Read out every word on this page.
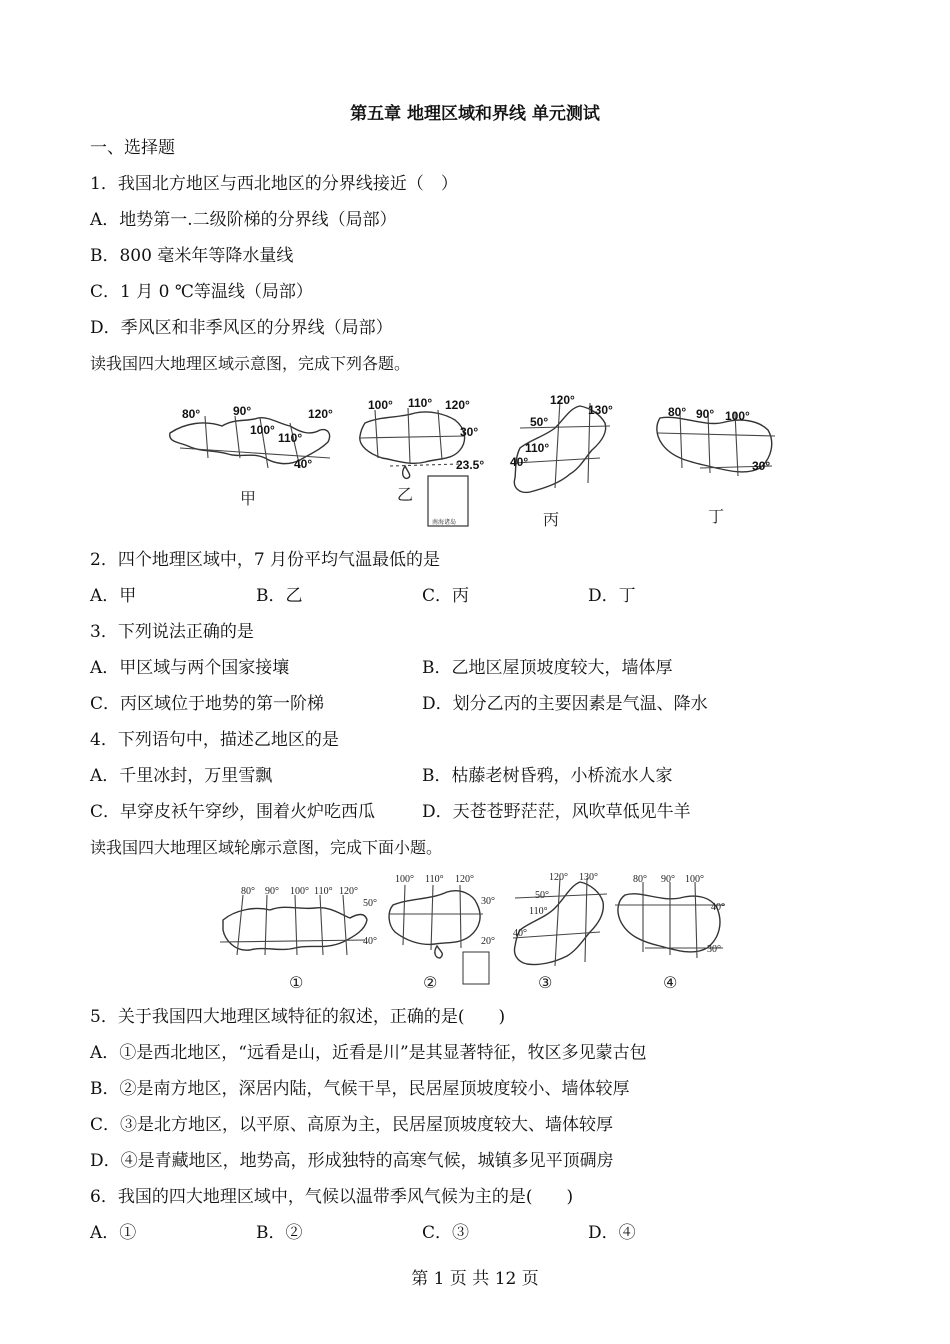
第五章 地理区域和界线 单元测试
一、选择题
1．我国北方地区与西北地区的分界线接近（　）
A．地势第一.二级阶梯的分界线（局部）
B．800 毫米年等降水量线
C．1 月 0 ℃等温线（局部）
D．季风区和非季风区的分界线（局部）
读我国四大地理区域示意图，完成下列各题。
80°	90°
100°
110°
120°
40°
甲
南海诸岛
100° 110° 120°
30°
23.5°
乙
120°
130°
50°
110°
40°
丙
80° 90° 100°
30°
丁
2．四个地理区域中，7 月份平均气温最低的是
A．甲	B．乙	C．丙	D．丁
3．下列说法正确的是
A．甲区域与两个国家接壤	B．乙地区屋顶坡度较大，墙体厚
C．丙区域位于地势的第一阶梯	D．划分乙丙的主要因素是气温、降水
4．下列语句中，描述乙地区的是
A．千里冰封，万里雪飘	B．枯藤老树昏鸦，小桥流水人家
C．早穿皮袄午穿纱，围着火炉吃西瓜	D．天苍苍野茫茫，风吹草低见牛羊
读我国四大地理区域轮廓示意图，完成下面小题。
80° 90° 100° 110° 120°
50°
40°
①
100° 110° 120°
30°
20°
②
120° 130°
50°
110°
40°
③
80° 90° 100°
40°
30°
④
5．关于我国四大地理区域特征的叙述，正确的是(　　)
A．①是西北地区，“远看是山，近看是川”是其显著特征，牧区多见蒙古包
B．②是南方地区，深居内陆，气候干旱，民居屋顶坡度较小、墙体较厚
C．③是北方地区，以平原、高原为主，民居屋顶坡度较大、墙体较厚
D．④是青藏地区，地势高，形成独特的高寒气候，城镇多见平顶碉房
6．我国的四大地理区域中，气候以温带季风气候为主的是(　　)
A．①	B．②	C．③	D．④
第 1 页 共 12 页
